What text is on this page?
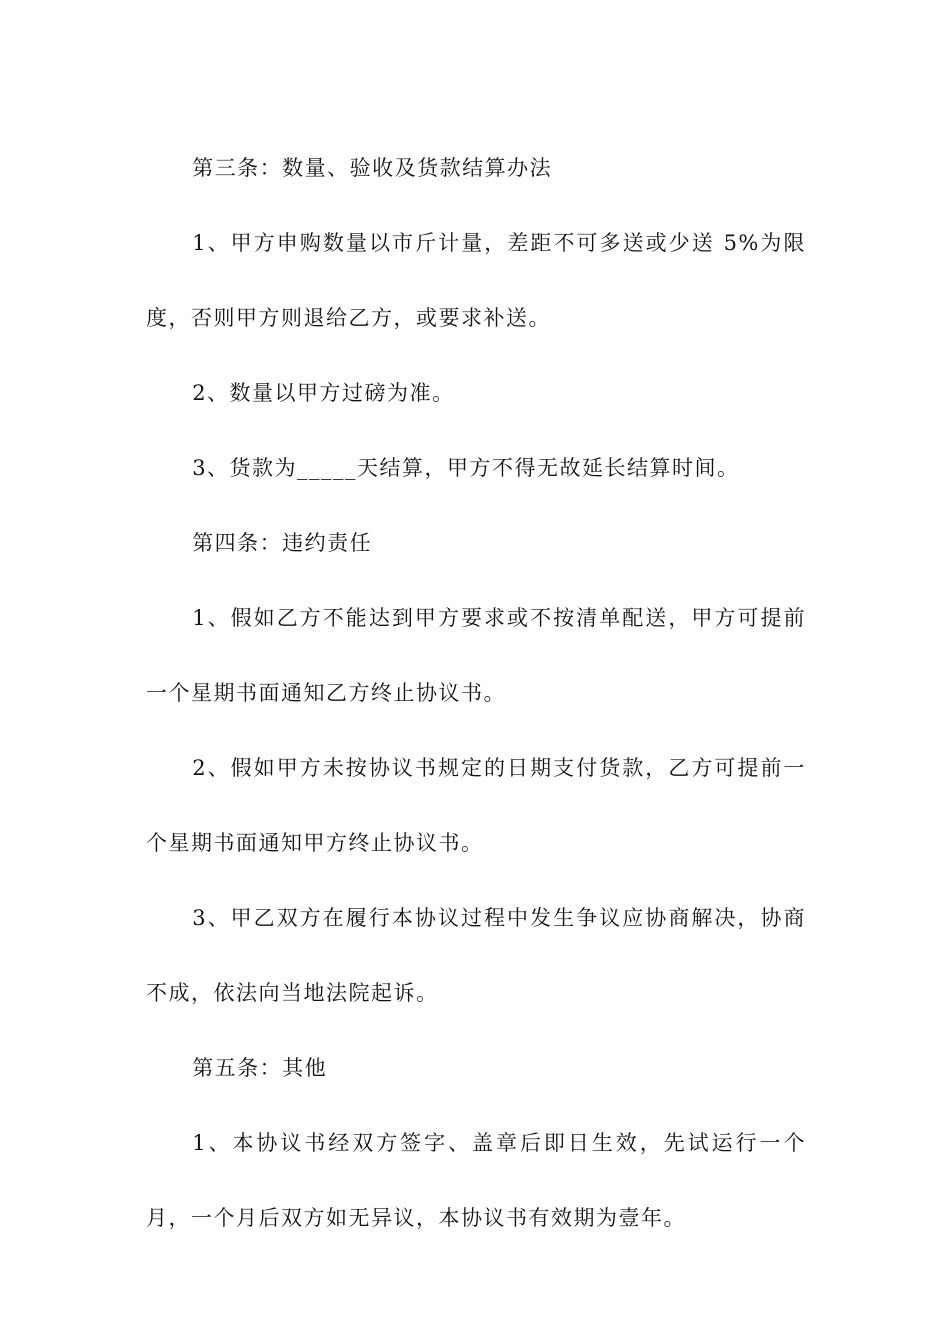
第三条：数量、验收及货款结算办法

1、甲方申购数量以市斤计量，差距不可多送或少送 5%为限度，否则甲方则退给乙方，或要求补送。

2、数量以甲方过磅为准。

3、货款为_____天结算，甲方不得无故延长结算时间。

第四条：违约责任

1、假如乙方不能达到甲方要求或不按清单配送，甲方可提前一个星期书面通知乙方终止协议书。

2、假如甲方未按协议书规定的日期支付货款，乙方可提前一个星期书面通知甲方终止协议书。

3、甲乙双方在履行本协议过程中发生争议应协商解决，协商不成，依法向当地法院起诉。

第五条：其他

1、本协议书经双方签字、盖章后即日生效，先试运行一个月，一个月后双方如无异议，本协议书有效期为壹年。
